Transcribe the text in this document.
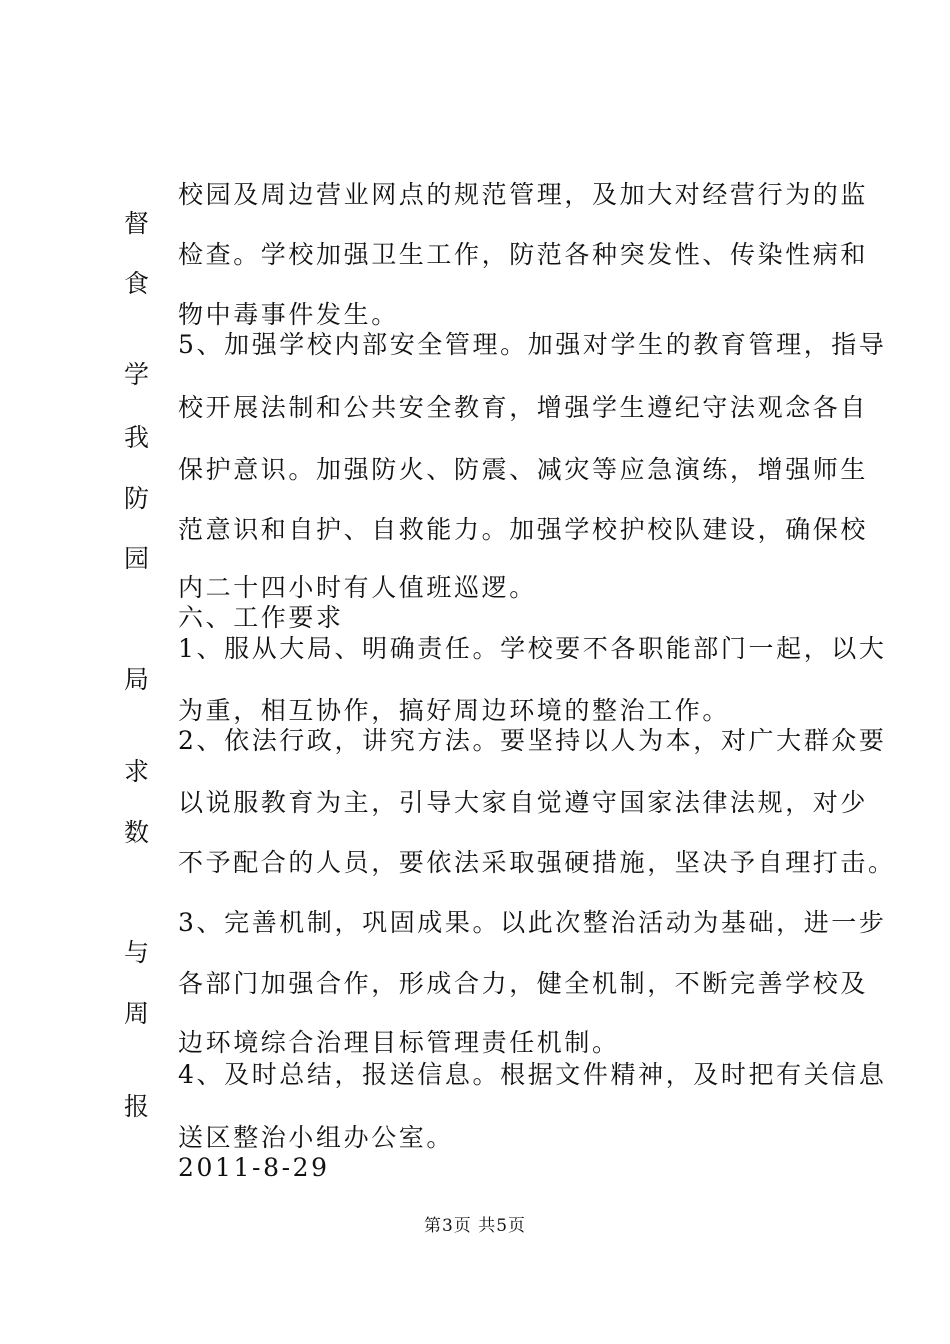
校园及周边营业网点的规范管理，及加大对经营行为的监
督
检查。学校加强卫生工作，防范各种突发性、传染性病和
食
物中毒事件发生。
5、加强学校内部安全管理。加强对学生的教育管理，指导
学
校开展法制和公共安全教育，增强学生遵纪守法观念各自
我
保护意识。加强防火、防震、减灾等应急演练，增强师生
防
范意识和自护、自救能力。加强学校护校队建设，确保校
园
内二十四小时有人值班巡逻。
六、工作要求
1、服从大局、明确责任。学校要不各职能部门一起，以大
局
为重，相互协作，搞好周边环境的整治工作。
2、依法行政，讲究方法。要坚持以人为本，对广大群众要
求
以说服教育为主，引导大家自觉遵守国家法律法规，对少
数
不予配合的人员，要依法采取强硬措施，坚决予自理打击。
3、完善机制，巩固成果。以此次整治活动为基础，进一步
与
各部门加强合作，形成合力，健全机制，不断完善学校及
周
边环境综合治理目标管理责任机制。
4、及时总结，报送信息。根据文件精神，及时把有关信息
报
送区整治小组办公室。
2011-8-29
第3页 共5页
